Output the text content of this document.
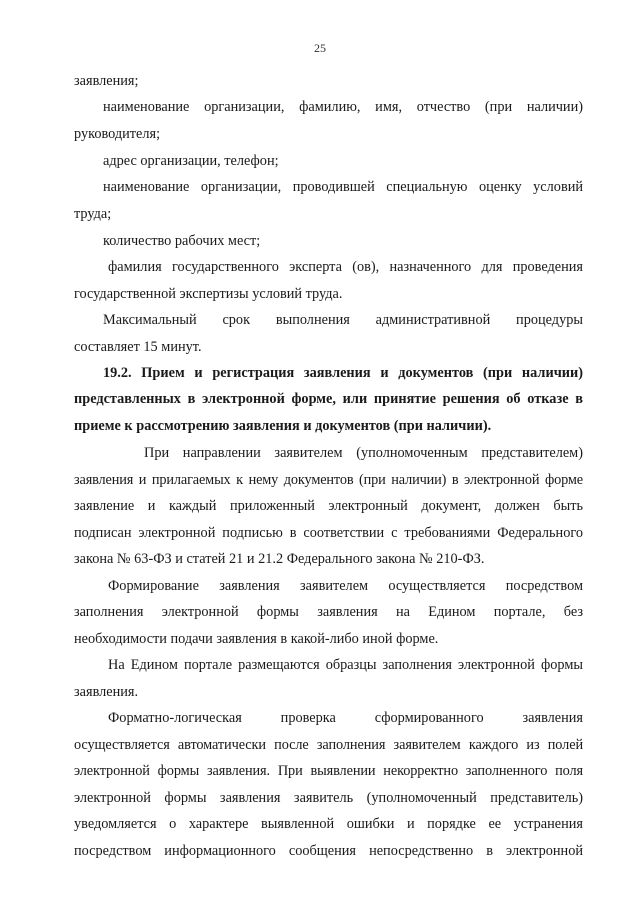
25

заявления;

наименование организации, фамилию, имя, отчество (при наличии)

руководителя;

адрес организации, телефон;

наименование организации, проводившей специальную оценку условий

труда;

количество рабочих мест;

фамилия государственного эксперта (ов), назначенного для проведения

государственной экспертизы условий труда.

Максимальный срок выполнения административной процедуры

составляет 15 минут.

19.2. Прием и регистрация заявления и документов (при наличии)

представленных в электронной форме, или принятие решения об отказе в

приеме к рассмотрению заявления и документов (при наличии).

При направлении заявителем (уполномоченным представителем)

заявления и прилагаемых к нему документов (при наличии) в электронной форме

заявление и каждый приложенный электронный документ, должен быть

подписан электронной подписью в соответствии с требованиями Федерального

закона № 63-ФЗ и статей 21 и 21.2 Федерального закона № 210-ФЗ.

Формирование заявления заявителем осуществляется посредством

заполнения электронной формы заявления на Едином портале, без

необходимости подачи заявления в какой-либо иной форме.

На Едином портале размещаются образцы заполнения электронной формы

заявления.

Форматно-логическая проверка сформированного заявления

осуществляется автоматически после заполнения заявителем каждого из полей

электронной формы заявления. При выявлении некорректно заполненного поля

электронной формы заявления заявитель (уполномоченный представитель)

уведомляется о характере выявленной ошибки и порядке ее устранения

посредством информационного сообщения непосредственно в электронной
